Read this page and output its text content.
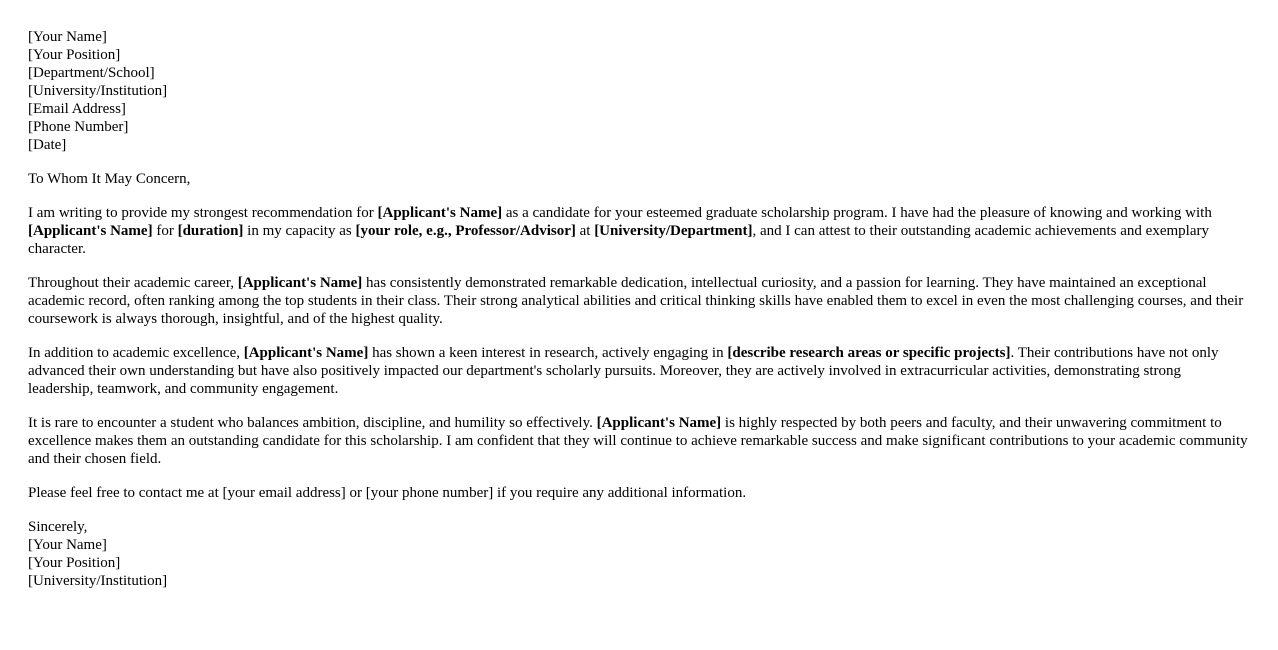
[Your Name]
[Your Position]
[Department/School]
[University/Institution]
[Email Address]
[Phone Number]
[Date]

To Whom It May Concern,

I am writing to provide my strongest recommendation for [Applicant's Name] as a candidate for your esteemed graduate scholarship program. I have had the pleasure of knowing and working with [Applicant's Name] for [duration] in my capacity as [your role, e.g., Professor/Advisor] at [University/Department], and I can attest to their outstanding academic achievements and exemplary character.

Throughout their academic career, [Applicant's Name] has consistently demonstrated remarkable dedication, intellectual curiosity, and a passion for learning. They have maintained an exceptional academic record, often ranking among the top students in their class. Their strong analytical abilities and critical thinking skills have enabled them to excel in even the most challenging courses, and their coursework is always thorough, insightful, and of the highest quality.

In addition to academic excellence, [Applicant's Name] has shown a keen interest in research, actively engaging in [describe research areas or specific projects]. Their contributions have not only advanced their own understanding but have also positively impacted our department's scholarly pursuits. Moreover, they are actively involved in extracurricular activities, demonstrating strong leadership, teamwork, and community engagement.

It is rare to encounter a student who balances ambition, discipline, and humility so effectively. [Applicant's Name] is highly respected by both peers and faculty, and their unwavering commitment to excellence makes them an outstanding candidate for this scholarship. I am confident that they will continue to achieve remarkable success and make significant contributions to your academic community and their chosen field.

Please feel free to contact me at [your email address] or [your phone number] if you require any additional information.

Sincerely,
[Your Name]
[Your Position]
[University/Institution]
